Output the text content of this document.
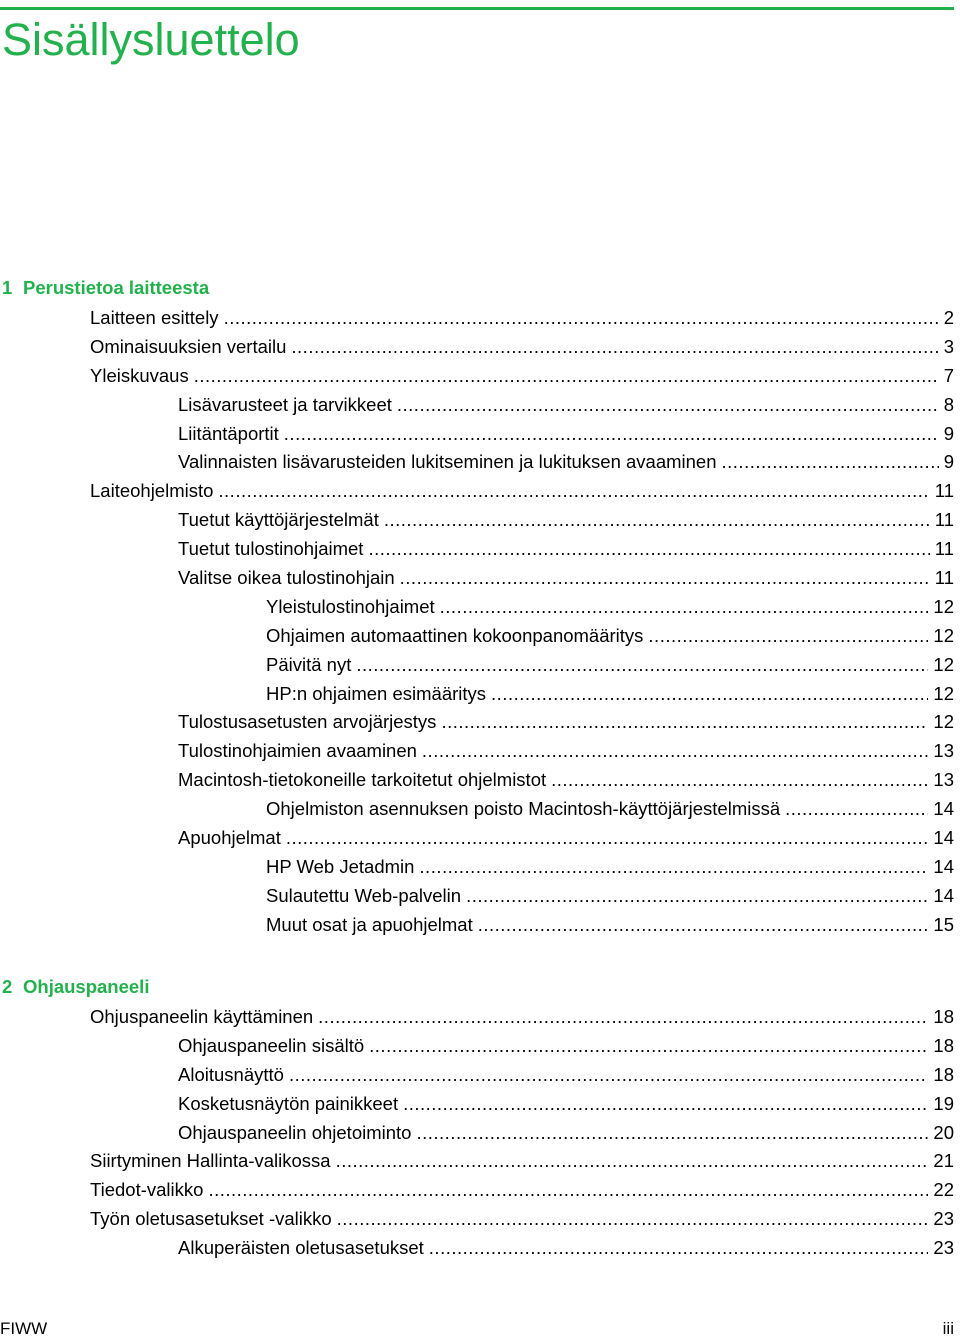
Sisällysluettelo
1 Perustietoa laitteesta
Laitteen esittely .....	2
Ominaisuuksien vertailu .....	3
Yleiskuvaus .....	7
Lisävarusteet ja tarvikkeet .....	8
Liitäntäportit .....	9
Valinnaisten lisävarusteiden lukitseminen ja lukituksen avaaminen .....	9
Laiteohjelmisto .....	11
Tuetut käyttöjärjestelmät .....	11
Tuetut tulostinohjaimet .....	11
Valitse oikea tulostinohjain .....	11
Yleistulostinohjaimet .....	12
Ohjaimen automaattinen kokoonpanomääritys .....	12
Päivitä nyt .....	12
HP:n ohjaimen esimääritys .....	12
Tulostusasetusten arvojärjestys .....	12
Tulostinohjaimien avaaminen .....	13
Macintosh-tietokoneille tarkoitetut ohjelmistot .....	13
Ohjelmiston asennuksen poisto Macintosh-käyttöjärjestelmissä .....	14
Apuohjelmat .....	14
HP Web Jetadmin .....	14
Sulautettu Web-palvelin .....	14
Muut osat ja apuohjelmat .....	15
2 Ohjauspaneeli
Ohjuspaneelin käyttäminen .....	18
Ohjauspaneelin sisältö .....	18
Aloitusnäyttö .....	18
Kosketusnäytön painikkeet .....	19
Ohjauspaneelin ohjetoiminto .....	20
Siirtyminen Hallinta-valikossa .....	21
Tiedot-valikko .....	22
Työn oletusasetukset -valikko .....	23
Alkuperäisten oletusasetukset .....	23
FIWW	iii
